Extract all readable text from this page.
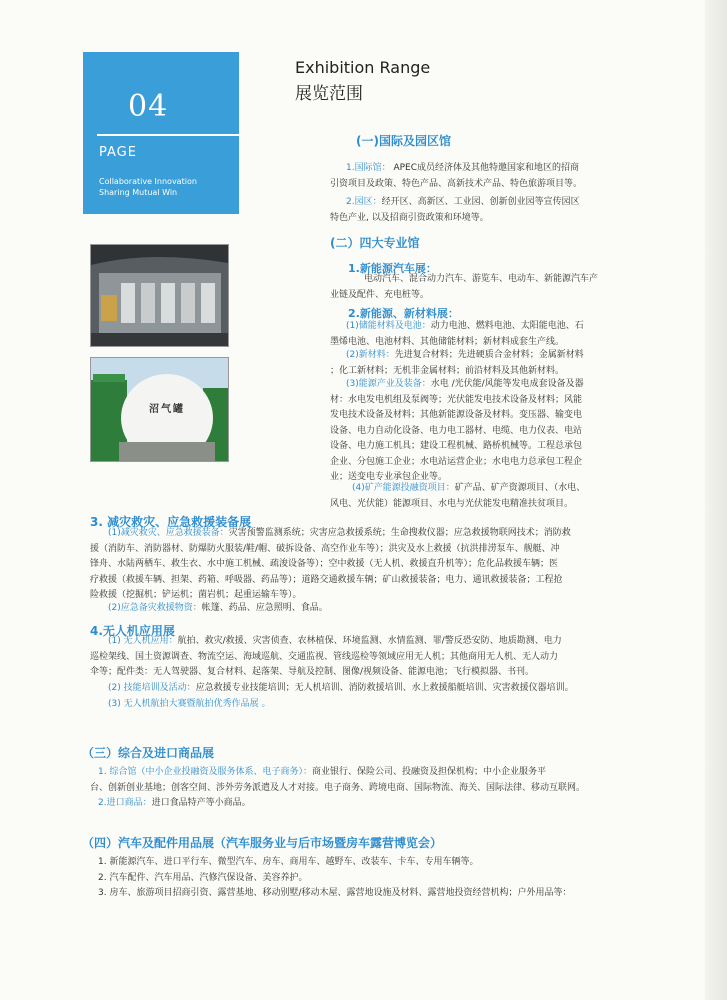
04
PAGE
Collaborative Innovation
Sharing Mutual Win
Exhibition Range
展览范围
沼气罐
(一)国际及园区馆
1.国际馆： APEC成员经济体及其他特邀国家和地区的招商
引资项目及政策、特色产品、高新技术产品、特色旅游项目等。
2.园区：经开区、高新区、工业园、创新创业园等宣传园区
特色产业, 以及招商引资政策和环境等。
(二）四大专业馆
1.新能源汽车展：
电动汽车、混合动力汽车、游览车、电动车、新能源汽车产
业链及配件、充电桩等。
2.新能源、新材料展：
(1)储能材料及电池：动力电池、燃料电池、太阳能电池、石
墨烯电池、电池材料、其他储能材料；新材料成套生产线。
(2)新材料：先进复合材料；先进硬质合金材料；金属新材料
；化工新材料；无机非金属材料；前沿材料及其他新材料。
(3)能源产业及装备：水电 /光伏能/风能等发电成套设备及器
材：水电发电机组及泵阀等；光伏能发电技术设备及材料；风能
发电技术设备及材料；其他新能源设备及材料。变压器、输变电
设备、电力自动化设备、电力电工器材、电缆、电力仪表、电站
设备、电力施工机具；建设工程机械、路桥机械等。工程总承包
企业、分包施工企业；水电站运营企业；水电电力总承包工程企
业；送变电专业承包企业等。
(4)矿产能源投融资项目：矿产品、矿产资源项目、（水电、
风电、光伏能）能源项目、水电与光伏能发电精准扶贫项目。
3. 减灾救灾、应急救援装备展
(1)减灾救灾、应急救援装备：灾害预警监测系统；灾害应急救援系统；生命搜救仪器；应急救援物联网技术；消防救
援（消防车、消防器材、防爆防火服装/鞋/帽、破拆设备、高空作业车等）；洪灾及水上救援（抗洪排涝泵车、舰艇、冲
锋舟、水陆两栖车、救生衣、水中施工机械、疏浚设备等）；空中救援（无人机、救援直升机等）；危化品救援车辆；医
疗救援（救援车辆、担架、药箱、呼吸器、药品等）；道路交通救援车辆；矿山救援装备；电力、通讯救援装备；工程抢
险救援（挖掘机；铲运机；菌岩机；起重运输车等）。
(2)应急备灾救援物资：帐篷、药品、应急照明、食品。
4.无人机应用展
(1) 无人机应用：航拍、救灾/救援、灾害侦查、农林植保、环境监测、水情监测、罪/警反恐安防、地质勘测、电力
巡检架线、国土资源调查、物流空运、海域巡航、交通监视、管线巡检等领域应用无人机；其他商用无人机、无人动力
伞等；配件类：无人驾驶器、复合材料、起落架、导航及控制、图像/视频设备、能源电池；飞行模拟器、书刊。
(2) 技能培训及活动：应急救援专业技能培训；无人机培训、消防救援培训、水上救援船艇培训、灾害救援仪器培训。
(3) 无人机航拍大赛暨航拍优秀作品展 。
（三）综合及进口商品展
1. 综合馆（中小企业投融资及服务体系、电子商务）：商业银行、保险公司、投融资及担保机构；中小企业服务平
台、创新创业基地；创客空间、涉外劳务派遣及人才对接。电子商务、跨境电商、国际物流、海关、国际法律、移动互联网。
2.进口商品：进口食品特产等小商品。
（四）汽车及配件用品展（汽车服务业与后市场暨房车露营博览会）
1. 新能源汽车、进口平行车、微型汽车、房车、商用车、越野车、改装车、卡车、专用车辆等。
2. 汽车配件、汽车用品、汽修汽保设备、美容养护。
3. 房车、旅游项目招商引资、露营基地、移动别墅/移动木屋、露营地设施及材料、露营地投资经营机构；户外用品等：
